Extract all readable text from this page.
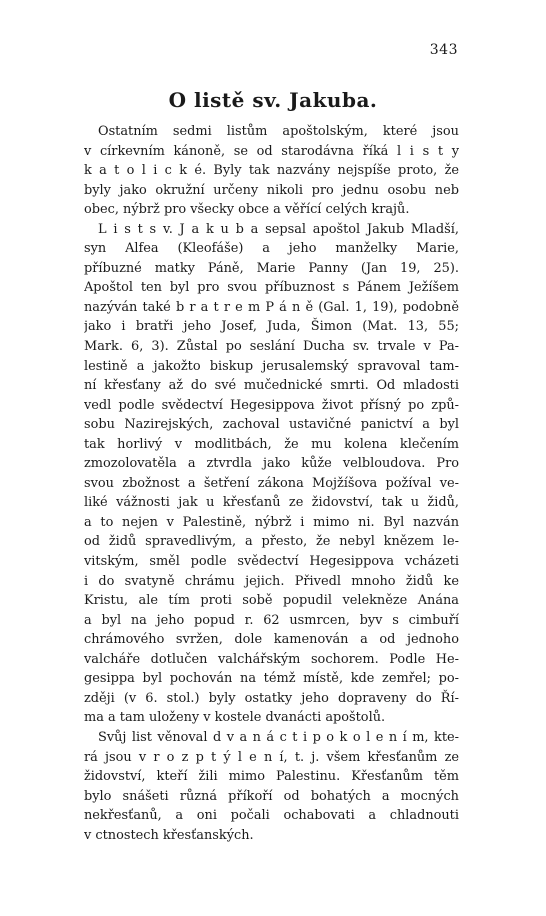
343
O listě sv. Jakuba.
Ostatním sedmi listům apoštolským, které jsou
v církevním kánoně, se od starodávna říká l i s t y
k a t o l i c k é. Byly tak nazvány nejspíše proto, že
byly jako okružní určeny nikoli pro jednu osobu neb
obec, nýbrž pro všecky obce a věřící celých krajů.
L i s t s v. J a k u b a sepsal apoštol Jakub Mladší,
syn Alfea (Kleofáše) a jeho manželky Marie,
příbuzné matky Páně, Marie Panny (Jan 19, 25).
Apoštol ten byl pro svou příbuznost s Pánem Ježíšem
nazýván také b r a t r e m P á n ě (Gal. 1, 19), podobně
jako i bratři jeho Josef, Juda, Šimon (Mat. 13, 55;
Mark. 6, 3). Zůstal po seslání Ducha sv. trvale v Pa-
lestině a jakožto biskup jerusalemský spravoval tam-
ní křesťany až do své mučednické smrti. Od mladosti
vedl podle svědectví Hegesippova život přísný po způ-
sobu Nazirejských, zachoval ustavičné panictví a byl
tak horlivý v modlitbách, že mu kolena klečením
zmozolovatěla a ztvrdla jako kůže velbloudova. Pro
svou zbožnost a šetření zákona Mojžíšova požíval ve-
liké vážnosti jak u křesťanů ze židovství, tak u židů,
a to nejen v Palestině, nýbrž i mimo ni. Byl nazván
od židů spravedlivým, a přesto, že nebyl knězem le-
vitským, směl podle svědectví Hegesippova vcházeti
i do svatyně chrámu jejich. Přivedl mnoho židů ke
Kristu, ale tím proti sobě popudil velekněze Anána
a byl na jeho popud r. 62 usmrcen, byv s cimbuří
chrámového svržen, dole kamenován a od jednoho
valcháře dotlučen valchářským sochorem. Podle He-
gesippa byl pochován na témž místě, kde zemřel; po-
zději (v 6. stol.) byly ostatky jeho dopraveny do Ří-
ma a tam uloženy v kostele dvanácti apoštolů.
Svůj list věnoval d v a n á c t i p o k o l e n í m, kte-
rá jsou v r o z p t ý l e n í, t. j. všem křesťanům ze
židovství, kteří žili mimo Palestinu. Křesťanům těm
bylo snášeti různá příkoří od bohatých a mocných
nekřesťanů, a oni počali ochabovati a chladnouti
v ctnostech křesťanských.
